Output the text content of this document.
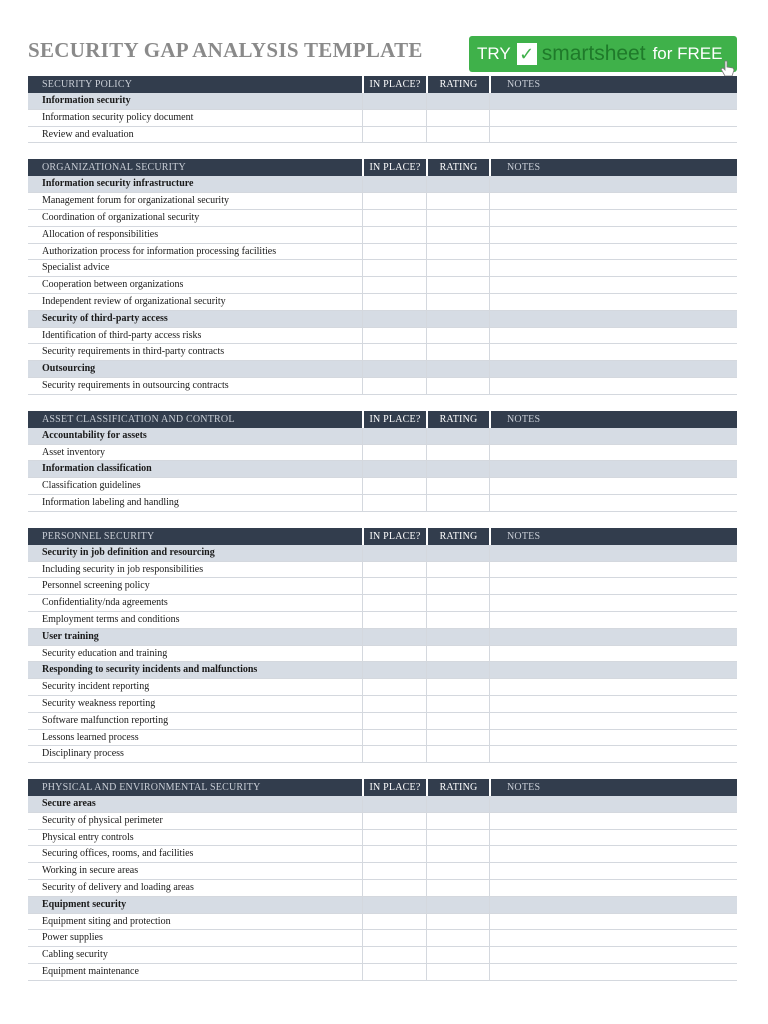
SECURITY GAP ANALYSIS TEMPLATE	TRY ✓ smartsheet for FREE
SECURITY POLICY	IN PLACE?	RATING	NOTES
Information security
Information security policy document
Review and evaluation
ORGANIZATIONAL SECURITY	IN PLACE?	RATING	NOTES
Information security infrastructure
Management forum for organizational security
Coordination of organizational security
Allocation of responsibilities
Authorization process for information processing facilities
Specialist advice
Cooperation between organizations
Independent review of organizational security
Security of third-party access
Identification of third-party access risks
Security requirements in third-party contracts
Outsourcing
Security requirements in outsourcing contracts
ASSET CLASSIFICATION AND CONTROL	IN PLACE?	RATING	NOTES
Accountability for assets
Asset inventory
Information classification
Classification guidelines
Information labeling and handling
PERSONNEL SECURITY	IN PLACE?	RATING	NOTES
Security in job definition and resourcing
Including security in job responsibilities
Personnel screening policy
Confidentiality/nda agreements
Employment terms and conditions
User training
Security education and training
Responding to security incidents and malfunctions
Security incident reporting
Security weakness reporting
Software malfunction reporting
Lessons learned process
Disciplinary process
PHYSICAL AND ENVIRONMENTAL SECURITY	IN PLACE?	RATING	NOTES
Secure areas
Security of physical perimeter
Physical entry controls
Securing offices, rooms, and facilities
Working in secure areas
Security of delivery and loading areas
Equipment security
Equipment siting and protection
Power supplies
Cabling security
Equipment maintenance
